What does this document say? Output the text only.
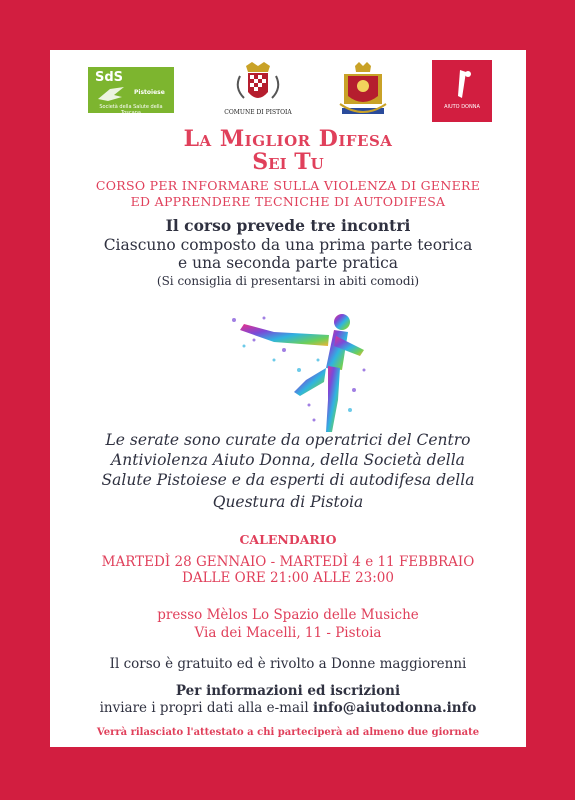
SdS
Pistoiese
Società della Salute della Toscana	COMUNE DI PISTOIA
AIUTO DONNA
La Miglior Difesa
Sei Tu
CORSO PER INFORMARE SULLA VIOLENZA DI GENERE
ED APPRENDERE TECNICHE DI AUTODIFESA
Il corso prevede tre incontri
Ciascuno composto da una prima parte teorica
e una seconda parte pratica
(Si consiglia di presentarsi in abiti comodi)
Le serate sono curate da operatrici del Centro
Antiviolenza Aiuto Donna, della Società della
Salute Pistoiese e da esperti di autodifesa della
Questura di Pistoia
CALENDARIO
MARTEDÌ 28 GENNAIO - MARTEDÌ 4 e 11 FEBBRAIO
DALLE ORE 21:00 ALLE 23:00
presso Mèlos Lo Spazio delle Musiche
Via dei Macelli, 11 - Pistoia
Il corso è gratuito ed è rivolto a Donne maggiorenni
Per informazioni ed iscrizioni
inviare i propri dati alla e-mail info@aiutodonna.info
Verrà rilasciato l'attestato a chi parteciperà ad almeno due giornate
